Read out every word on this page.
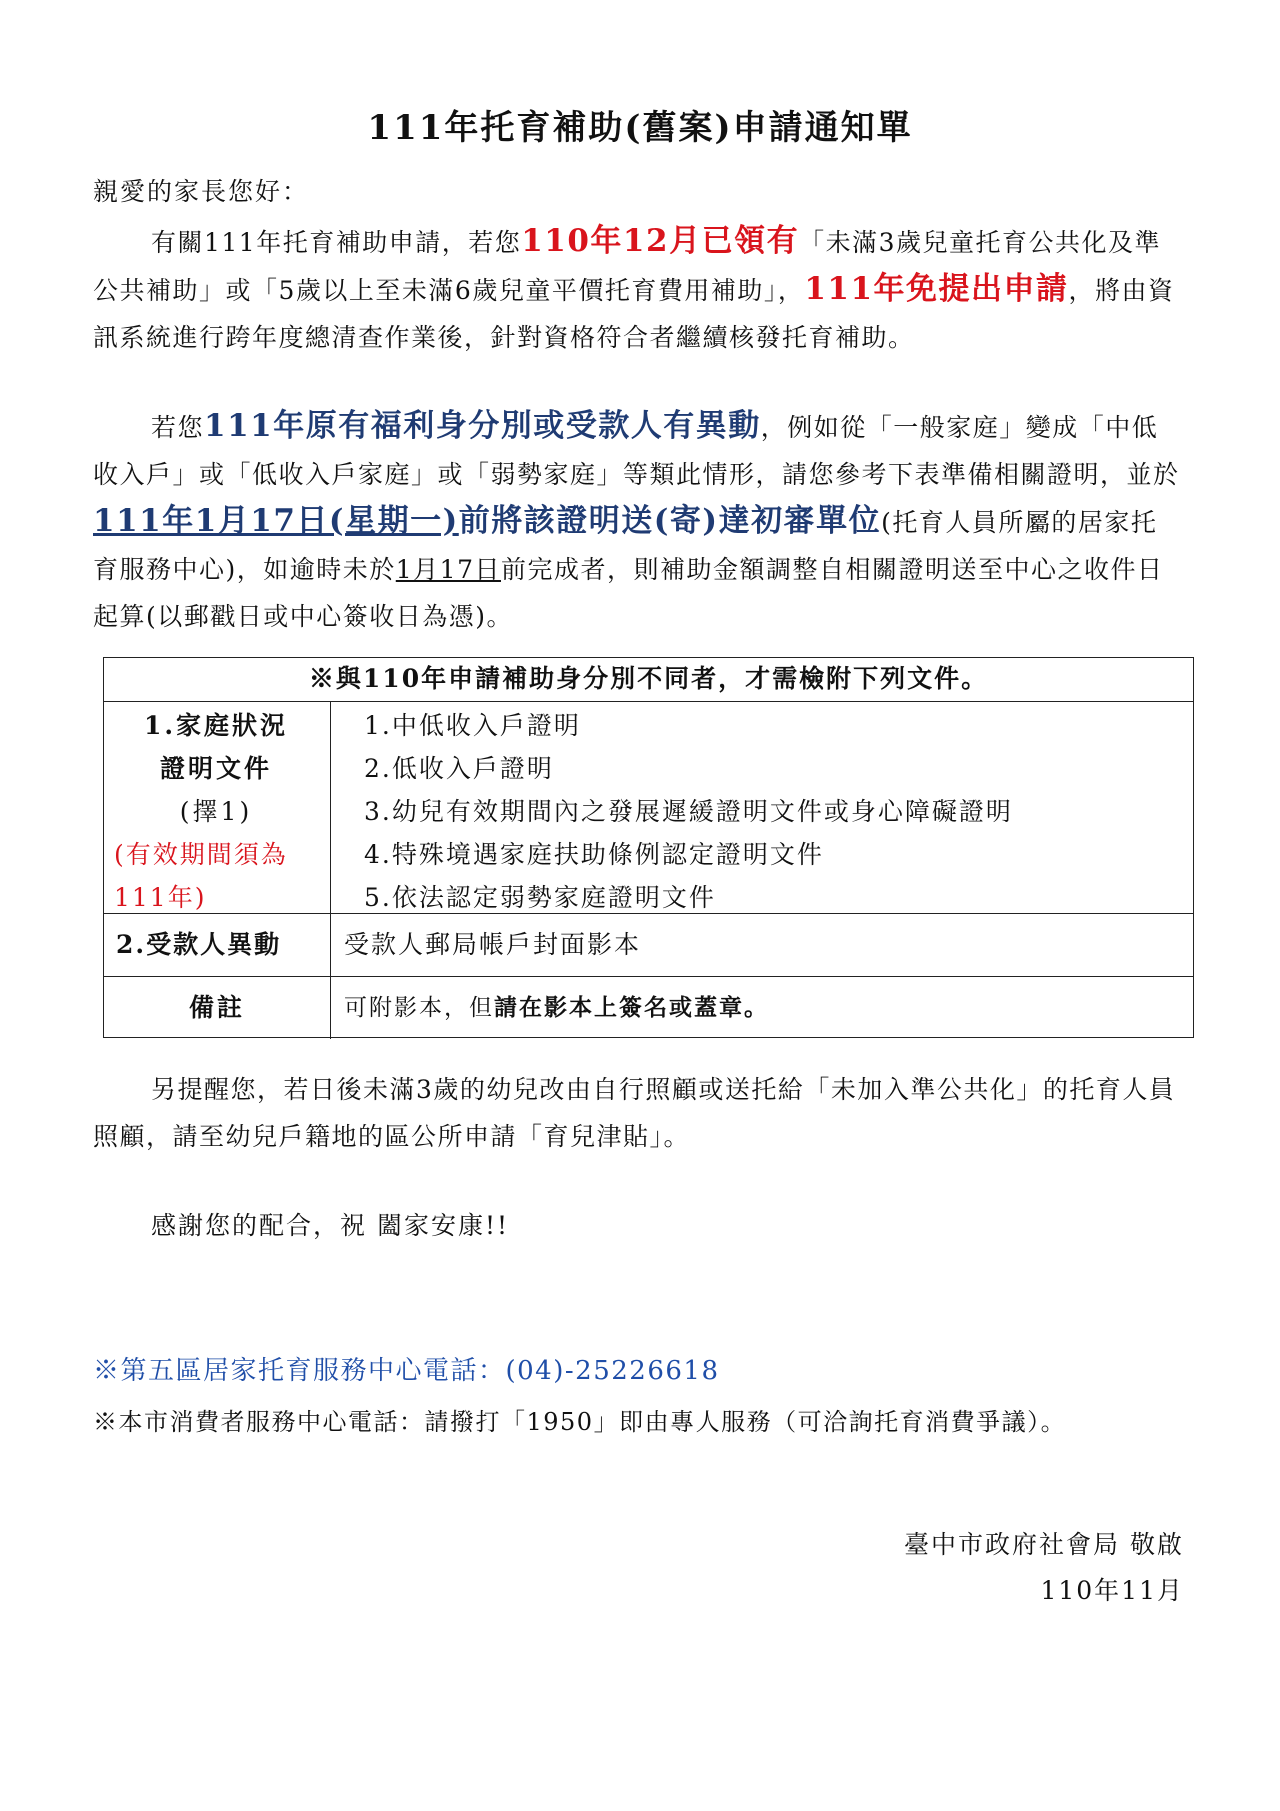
111年托育補助(舊案)申請通知單
親愛的家長您好：
有關111年托育補助申請，若您110年12月已領有「未滿3歲兒童托育公共化及準公共補助」或「5歲以上至未滿6歲兒童平價托育費用補助」，111年免提出申請，將由資訊系統進行跨年度總清查作業後，針對資格符合者繼續核發托育補助。
若您111年原有福利身分別或受款人有異動，例如從「一般家庭」變成「中低收入戶」或「低收入戶家庭」或「弱勢家庭」等類此情形，請您參考下表準備相關證明，並於111年1月17日(星期一)前將該證明送(寄)達初審單位(托育人員所屬的居家托育服務中心)，如逾時未於1月17日前完成者，則補助金額調整自相關證明送至中心之收件日起算(以郵戳日或中心簽收日為憑)。
※與110年申請補助身分別不同者，才需檢附下列文件。
1.家庭狀況
證明文件
(擇1)
(有效期間須為
111年)
1.中低收入戶證明
2.低收入戶證明
3.幼兒有效期間內之發展遲緩證明文件或身心障礙證明
4.特殊境遇家庭扶助條例認定證明文件
5.依法認定弱勢家庭證明文件
2.受款人異動	受款人郵局帳戶封面影本
備註	可附影本，但請在影本上簽名或蓋章。
另提醒您，若日後未滿3歲的幼兒改由自行照顧或送托給「未加入準公共化」的托育人員照顧，請至幼兒戶籍地的區公所申請「育兒津貼」。
感謝您的配合，祝 闔家安康!!
※第五區居家托育服務中心電話：(04)-25226618
※本市消費者服務中心電話：請撥打「1950」即由專人服務（可洽詢托育消費爭議）。
臺中市政府社會局 敬啟
110年11月
